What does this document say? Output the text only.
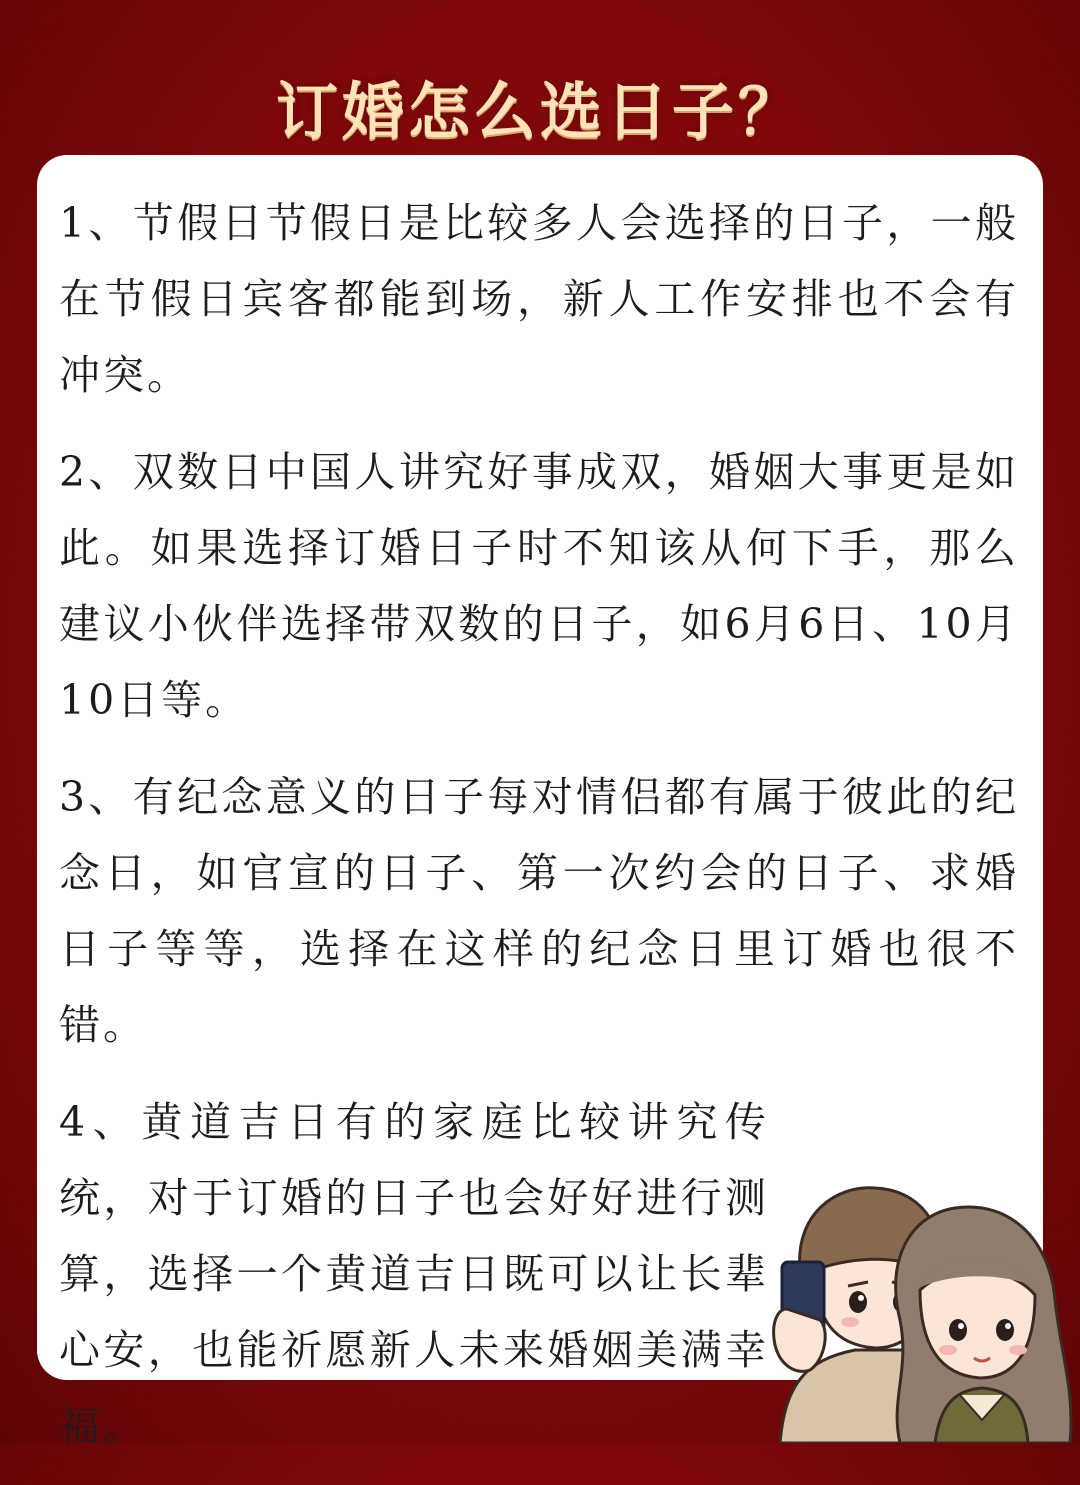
订婚怎么选日子？
1、节假日节假日是比较多人会选择的日子，一般在节假日宾客都能到场，新人工作安排也不会有冲突。
2、双数日中国人讲究好事成双，婚姻大事更是如此。如果选择订婚日子时不知该从何下手，那么建议小伙伴选择带双数的日子，如6月6日、10月10日等。
3、有纪念意义的日子每对情侣都有属于彼此的纪念日，如官宣的日子、第一次约会的日子、求婚日子等等，选择在这样的纪念日里订婚也很不错。
4、黄道吉日有的家庭比较讲究传统，对于订婚的日子也会好好进行测算，选择一个黄道吉日既可以让长辈心安，也能祈愿新人未来婚姻美满幸福。
